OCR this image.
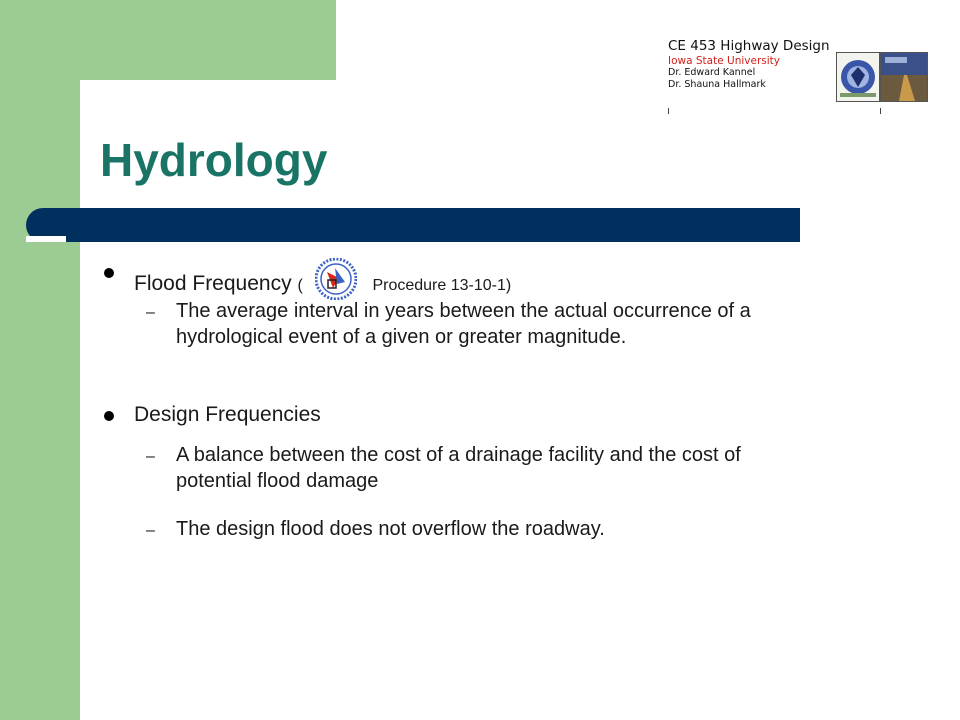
CE 453 Highway Design
Iowa State University
Dr. Edward Kannel
Dr. Shauna Hallmark
Hydrology
Flood Frequency (	Procedure 13-10-1)
– The average interval in years between the actual occurrence of a hydrological event of a given or greater magnitude.
Design Frequencies
– A balance between the cost of a drainage facility and the cost of potential flood damage
– The design flood does not overflow the roadway.
